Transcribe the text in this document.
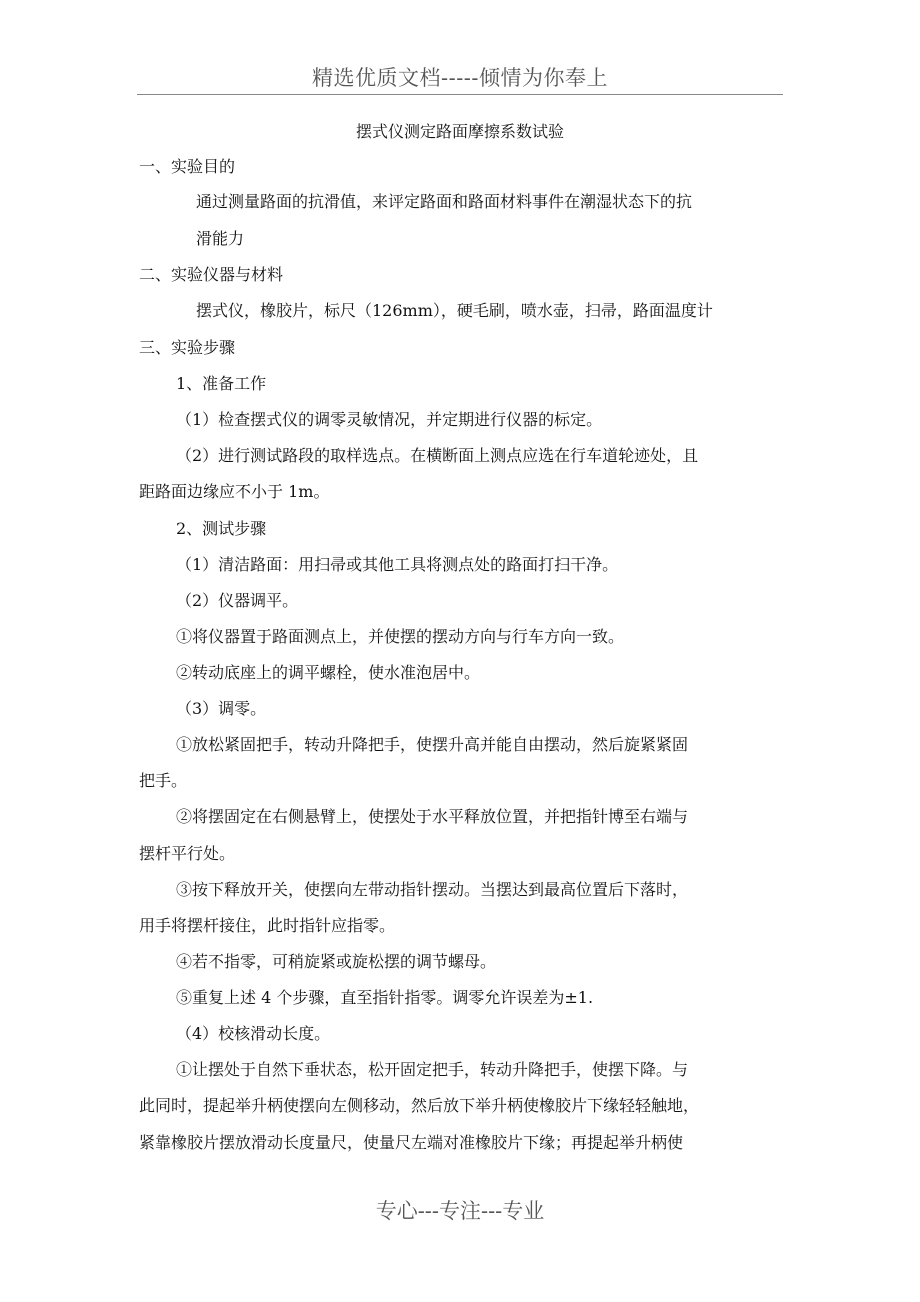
精选优质文档-----倾情为你奉上
摆式仪测定路面摩擦系数试验
一、实验目的
通过测量路面的抗滑值，来评定路面和路面材料事件在潮湿状态下的抗
滑能力
二、实验仪器与材料
摆式仪，橡胶片，标尺（126mm），硬毛刷，喷水壶，扫帚，路面温度计
三、实验步骤
1、准备工作
（1）检查摆式仪的调零灵敏情况，并定期进行仪器的标定。
（2）进行测试路段的取样选点。在横断面上测点应选在行车道轮迹处，且
距路面边缘应不小于 1m。
2、测试步骤
（1）清洁路面：用扫帚或其他工具将测点处的路面打扫干净。
（2）仪器调平。
①将仪器置于路面测点上，并使摆的摆动方向与行车方向一致。
②转动底座上的调平螺栓，使水准泡居中。
（3）调零。
①放松紧固把手，转动升降把手，使摆升高并能自由摆动，然后旋紧紧固
把手。
②将摆固定在右侧悬臂上，使摆处于水平释放位置，并把指针博至右端与
摆杆平行处。
③按下释放开关，使摆向左带动指针摆动。当摆达到最高位置后下落时，
用手将摆杆接住，此时指针应指零。
④若不指零，可稍旋紧或旋松摆的调节螺母。
⑤重复上述 4 个步骤，直至指针指零。调零允许误差为±1.
（4）校核滑动长度。
①让摆处于自然下垂状态，松开固定把手，转动升降把手，使摆下降。与
此同时，提起举升柄使摆向左侧移动，然后放下举升柄使橡胶片下缘轻轻触地，
紧靠橡胶片摆放滑动长度量尺，使量尺左端对准橡胶片下缘；再提起举升柄使
专心---专注---专业
